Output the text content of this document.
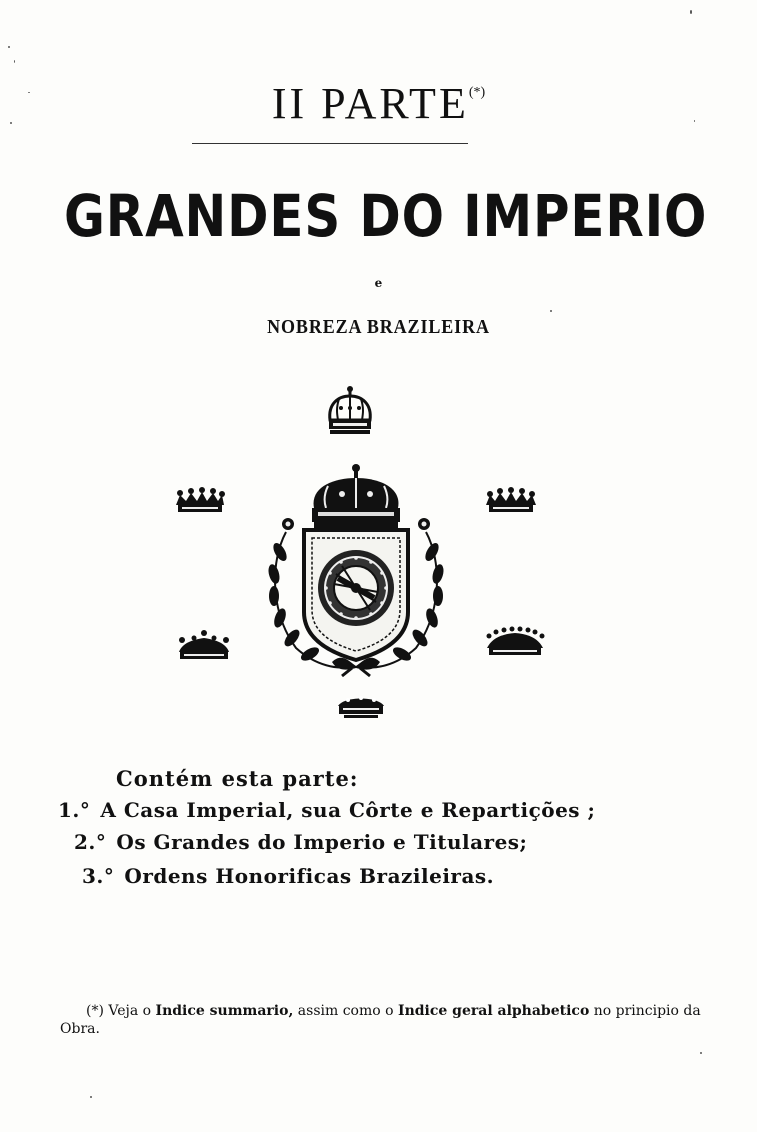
II PARTE(*)
GRANDES DO IMPERIO
e
NOBREZA BRAZILEIRA
Contém esta parte:
1.° A Casa Imperial, sua Côrte e Repartições ;
2.° Os Grandes do Imperio e Titulares;
3.° Ordens Honorificas Brazileiras.
(*) Veja o Indice summario, assim como o Indice geral alphabetico no principio da Obra.
